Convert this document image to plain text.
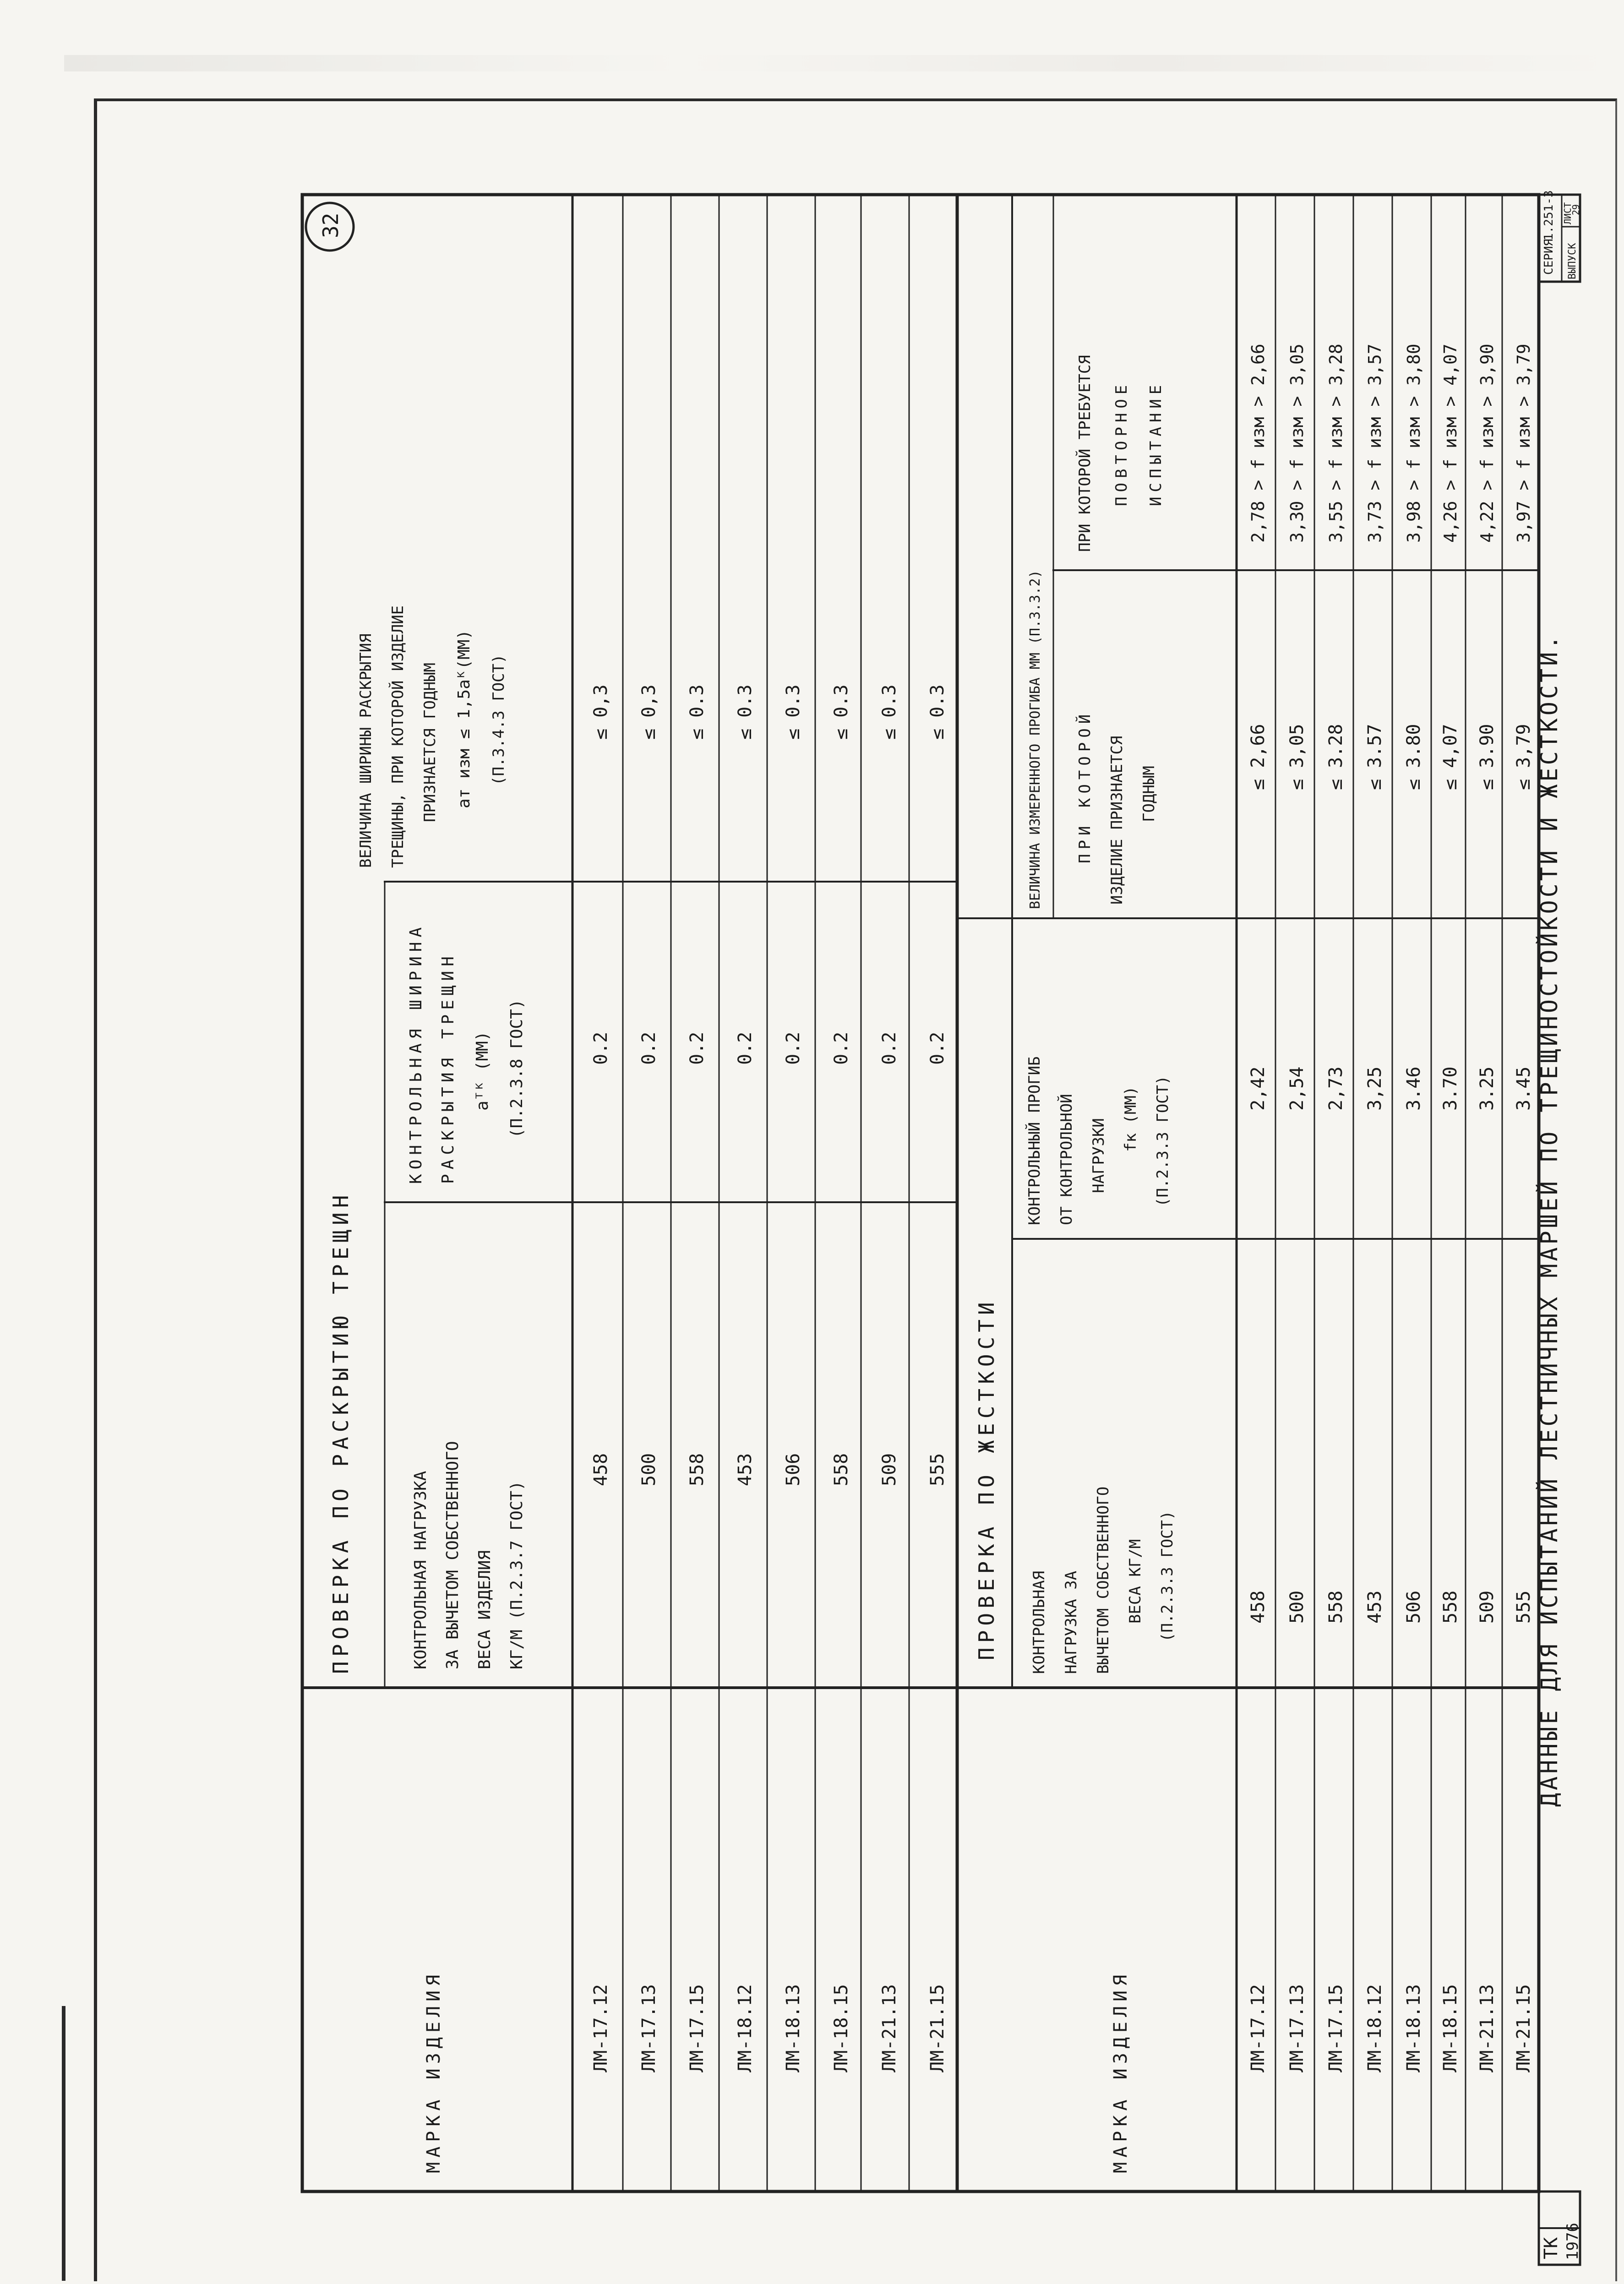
МАРКА ИЗДЕЛИЯ
ПРОВЕРКА ПО РАСКРЫТИЮ ТРЕЩИН	КОНТРОЛЬНАЯ НАГРУЗКА ЗА ВЫЧЕТОМ СОБСТВЕННОГО ВЕСА ИЗДЕЛИЯ КГ/М (П.2.3.7 ГОСТ)
КОНТРОЛЬНАЯ ШИРИНА РАСКРЫТИЯ ТРЕЩИН aᵀᴷ (ММ) (П.2.3.8 ГОСТ)
ВЕЛИЧИНА ШИРИНЫ РАСКРЫТИЯ ТРЕЩИНЫ, ПРИ КОТОРОЙ ИЗДЕЛИЕ ПРИЗНАЕТСЯ ГОДНЫМ aт изм ≤ 1,5aᴷ(ММ) (П.3.4.3 ГОСТ)
32
МАРКА ИЗДЕЛИЯ
ПРОВЕРКА ПО ЖЕСТКОСТИ КОНТРОЛЬНАЯ НАГРУЗКА ЗА ВЫЧЕТОМ СОБСТВЕННОГО ВЕСА КГ/М (П.2.3.3 ГОСТ)
КОНТРОЛЬНЫЙ ПРОГИБ ОТ КОНТРОЛЬНОЙ НАГРУЗКИ fк (ММ) (П.2.3.3 ГОСТ)
ВЕЛИЧИНА ИЗМЕРЕННОГО ПРОГИБА ММ (П.3.3.2) ПРИ КОТОРОЙ ИЗДЕЛИЕ ПРИЗНАЕТСЯ ГОДНЫМ
ПРИ КОТОРОЙ ТРЕБУЕТСЯ ПОВТОРНОЕ ИСПЫТАНИЕ
ЛМ-17.12
458
0.2
≤ 0,3
ЛМ-17.13
500
0.2
≤ 0,3
ЛМ-17.15
558
0.2
≤ 0.3
ЛМ-18.12
453
0.2
≤ 0.3
ЛМ-18.13
506
0.2
≤ 0.3
ЛМ-18.15
558
0.2
≤ 0.3
ЛМ-21.13
509
0.2
≤ 0.3
ЛМ-21.15
555
0.2
≤ 0.3
ЛМ-17.12
458
2,42
≤ 2,66
2,78 > f изм > 2,66
ЛМ-17.13
500
2,54
≤ 3,05
3,30 > f изм > 3,05
ЛМ-17.15
558
2,73
≤ 3.28
3,55 > f изм > 3,28
ЛМ-18.12
453
3,25
≤ 3.57
3,73 > f изм > 3,57
ЛМ-18.13
506
3.46
≤ 3.80
3,98 > f изм > 3,80
ЛМ-18.15
558
3.70
≤ 4,07
4,26 > f изм > 4,07
ЛМ-21.13
509
3.25
≤ 3.90
4,22 > f изм > 3,90
ЛМ-21.15
555
3.45
≤ 3,79
3,97 > f изм > 3,79
ДАННЫЕ ДЛЯ ИСПЫТАНИЙ ЛЕСТНИЧНЫХ МАРШЕЙ ПО ТРЕЩИНОСТОЙКОСТИ И ЖЕСТКОСТИ.
ТК 1976
СЕРИЯ
1.251-3
ВЫПУСК
ЛИСТ
29
